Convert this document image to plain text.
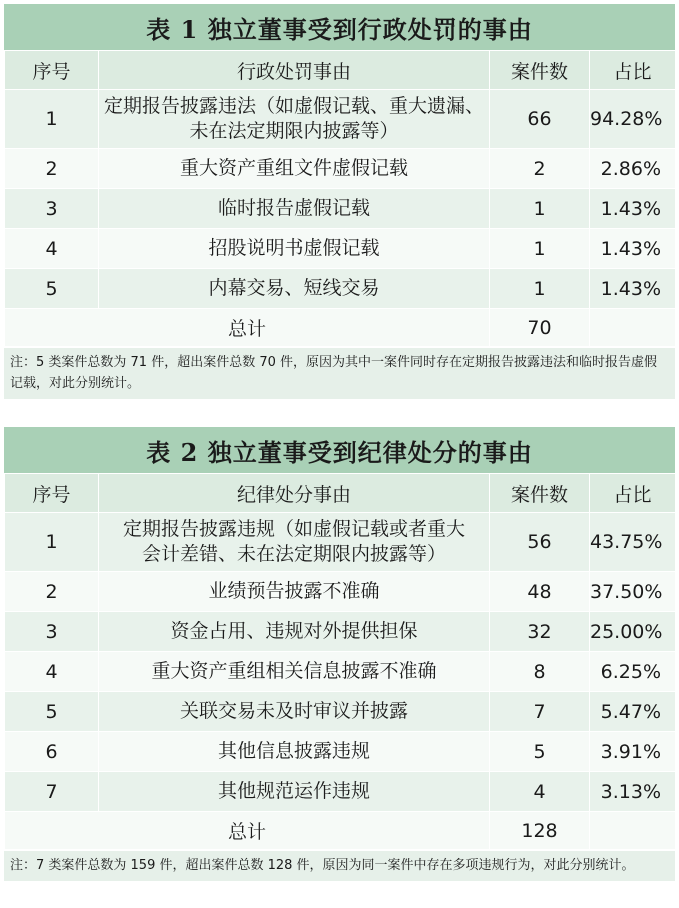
表 1 独立董事受到行政处罚的事由
序号	行政处罚事由	案件数	占比
1	定期报告披露违法（如虚假记载、重大遗漏、
未在法定期限内披露等）	66	94.28%
2	重大资产重组文件虚假记载	2	2.86%
3	临时报告虚假记载	1	1.43%
4	招股说明书虚假记载	1	1.43%
5	内幕交易、短线交易	1	1.43%
总计		70	
注：5 类案件总数为 71 件，超出案件总数 70 件，原因为其中一案件同时存在定期报告披露违法和临时报告虚假记载，对此分别统计。
表 2 独立董事受到纪律处分的事由
序号	纪律处分事由	案件数	占比
1	定期报告披露违规（如虚假记载或者重大
会计差错、未在法定期限内披露等）	56	43.75%
2	业绩预告披露不准确	48	37.50%
3	资金占用、违规对外提供担保	32	25.00%
4	重大资产重组相关信息披露不准确	8	6.25%
5	关联交易未及时审议并披露	7	5.47%
6	其他信息披露违规	5	3.91%
7	其他规范运作违规	4	3.13%
总计		128	
注：7 类案件总数为 159 件，超出案件总数 128 件，原因为同一案件中存在多项违规行为，对此分别统计。
